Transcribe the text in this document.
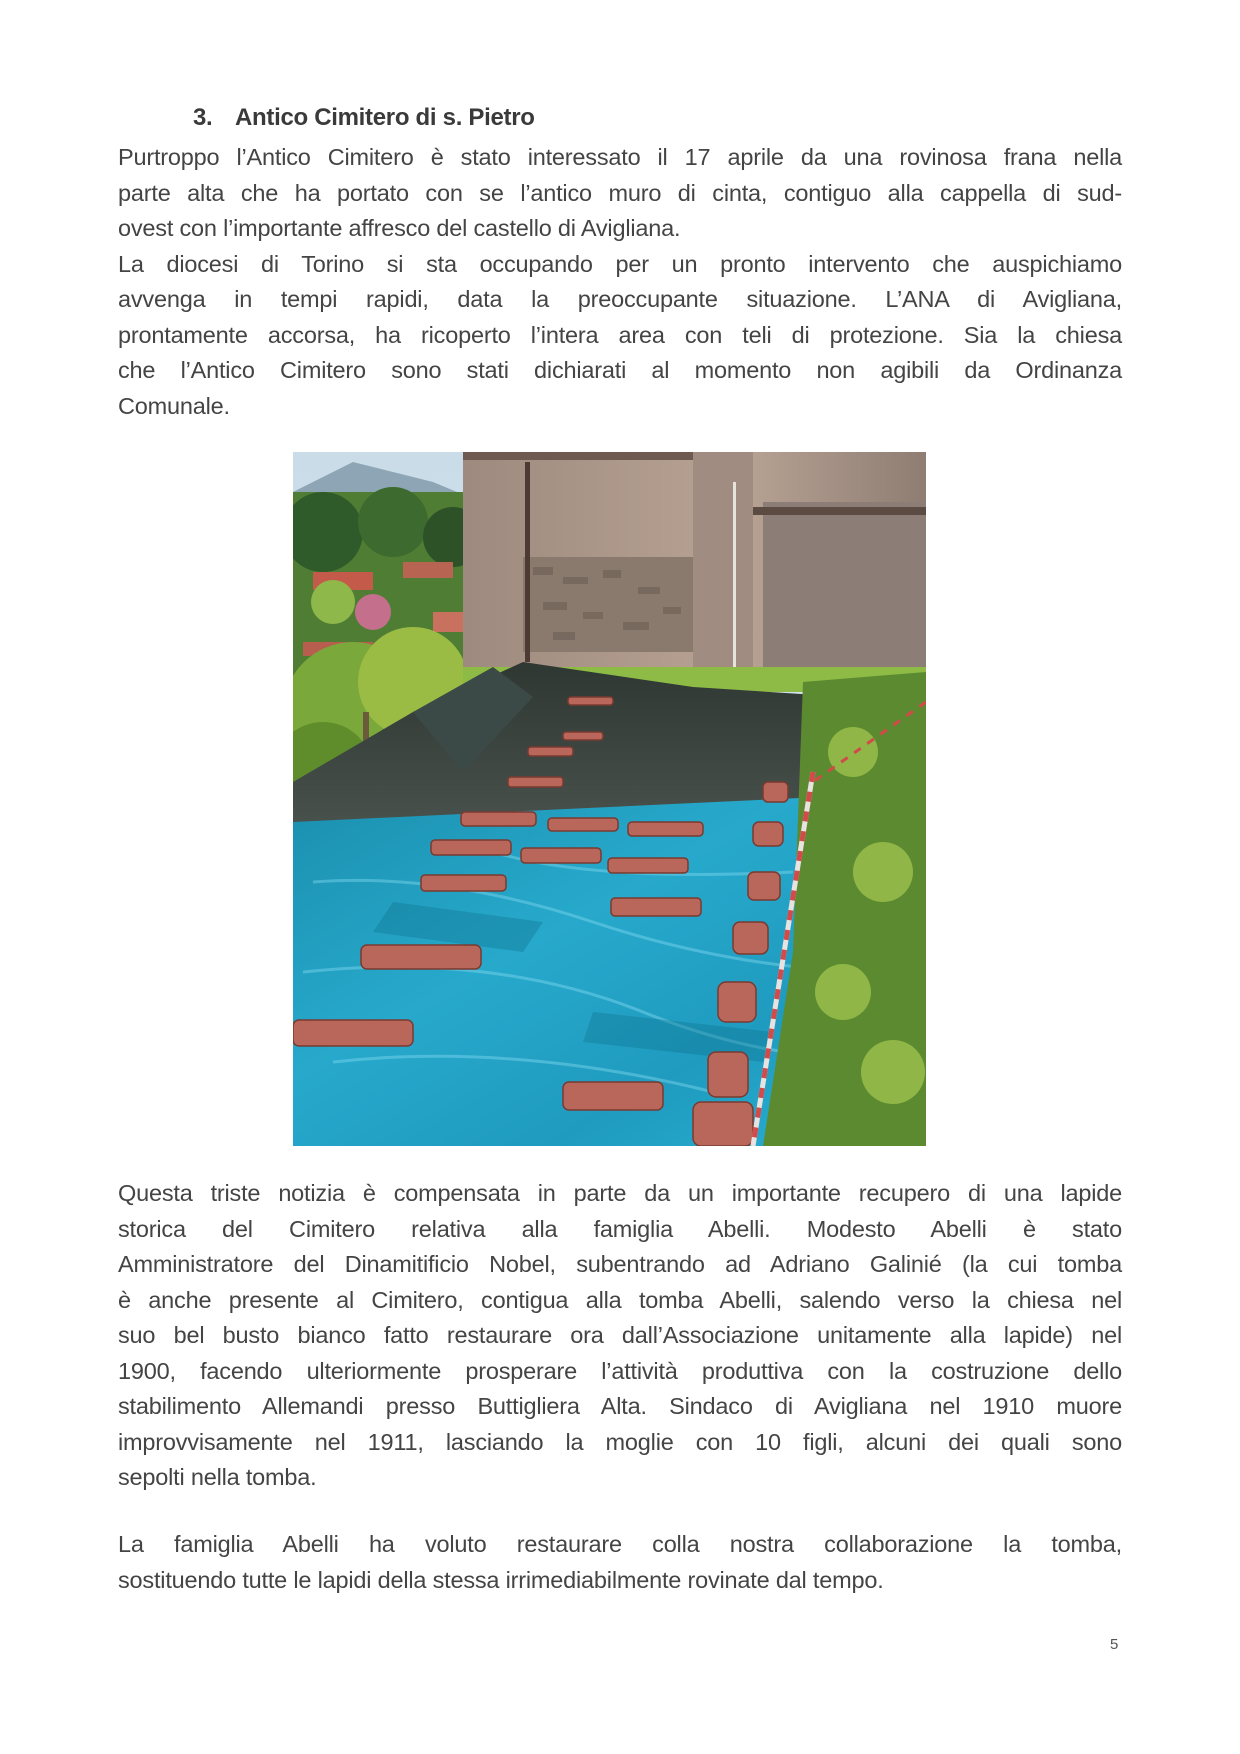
3. Antico Cimitero di s. Pietro
Purtroppo l’Antico Cimitero è stato interessato il 17 aprile da una rovinosa frana nella
parte alta che ha portato con se l’antico muro di cinta, contiguo alla cappella di sud-
ovest con l’importante affresco del castello di Avigliana.
La diocesi di Torino si sta occupando per un pronto intervento che auspichiamo
avvenga in tempi rapidi, data la preoccupante situazione. L’ANA di Avigliana,
prontamente accorsa, ha ricoperto l’intera area con teli di protezione. Sia la chiesa
che l’Antico Cimitero sono stati dichiarati al momento non agibili da Ordinanza
Comunale.
Questa triste notizia è compensata in parte da un importante recupero di una lapide
storica del Cimitero relativa alla famiglia Abelli. Modesto Abelli è stato
Amministratore del Dinamitificio Nobel, subentrando ad Adriano Galinié (la cui tomba
è anche presente al Cimitero, contigua alla tomba Abelli, salendo verso la chiesa nel
suo bel busto bianco fatto restaurare ora dall’Associazione unitamente alla lapide) nel
1900, facendo ulteriormente prosperare l’attività produttiva con la costruzione dello
stabilimento Allemandi presso Buttigliera Alta. Sindaco di Avigliana nel 1910 muore
improvvisamente nel 1911, lasciando la moglie con 10 figli, alcuni dei quali sono
sepolti nella tomba.
La famiglia Abelli ha voluto restaurare colla nostra collaborazione la tomba,
sostituendo tutte le lapidi della stessa irrimediabilmente rovinate dal tempo.
5
